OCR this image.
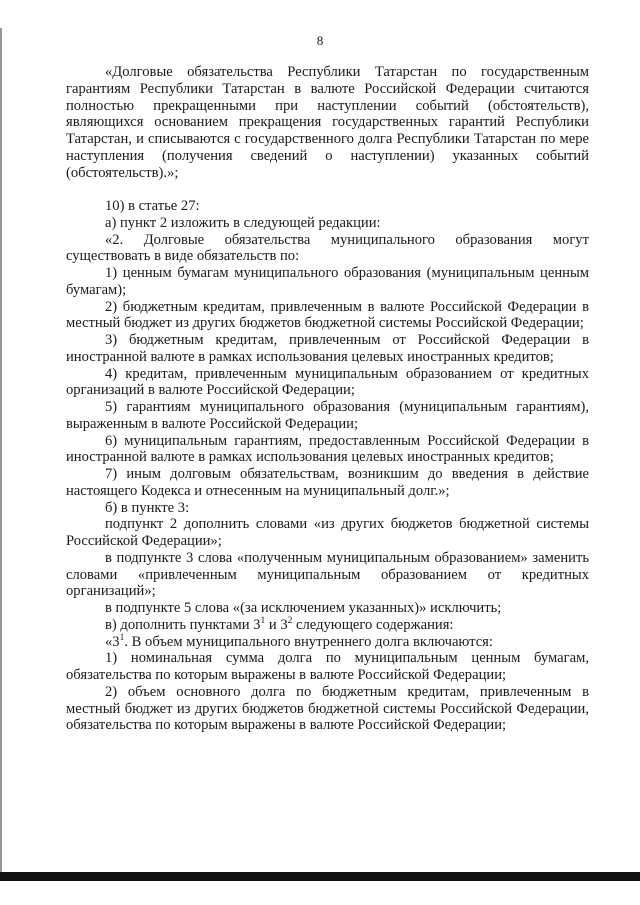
8

«Долговые обязательства Республики Татарстан по государственным гарантиям Республики Татарстан в валюте Российской Федерации считаются полностью прекращенными при наступлении событий (обстоятельств), являющихся основанием прекращения государственных гарантий Республики Татарстан, и списываются с государственного долга Республики Татарстан по мере наступления (получения сведений о наступлении) указанных событий (обстоятельств).»;

10) в статье 27:

а) пункт 2 изложить в следующей редакции:

«2. Долговые обязательства муниципального образования могут существовать в виде обязательств по:

1) ценным бумагам муниципального образования (муниципальным ценным бумагам);

2) бюджетным кредитам, привлеченным в валюте Российской Федерации в местный бюджет из других бюджетов бюджетной системы Российской Федерации;

3) бюджетным кредитам, привлеченным от Российской Федерации в иностранной валюте в рамках использования целевых иностранных кредитов;

4) кредитам, привлеченным муниципальным образованием от кредитных организаций в валюте Российской Федерации;

5) гарантиям муниципального образования (муниципальным гарантиям), выраженным в валюте Российской Федерации;

6) муниципальным гарантиям, предоставленным Российской Федерации в иностранной валюте в рамках использования целевых иностранных кредитов;

7) иным долговым обязательствам, возникшим до введения в действие настоящего Кодекса и отнесенным на муниципальный долг.»;

б) в пункте 3:

подпункт 2 дополнить словами «из других бюджетов бюджетной системы Российской Федерации»;

в подпункте 3 слова «полученным муниципальным образованием» заменить словами «привлеченным муниципальным образованием от кредитных организаций»;

в подпункте 5 слова «(за исключением указанных)» исключить;

в) дополнить пунктами $3^1$ и $3^2$ следующего содержания:

«$3^1$. В объем муниципального внутреннего долга включаются:

1) номинальная сумма долга по муниципальным ценным бумагам, обязательства по которым выражены в валюте Российской Федерации;

2) объем основного долга по бюджетным кредитам, привлеченным в местный бюджет из других бюджетов бюджетной системы Российской Федерации, обязательства по которым выражены в валюте Российской Федерации;
